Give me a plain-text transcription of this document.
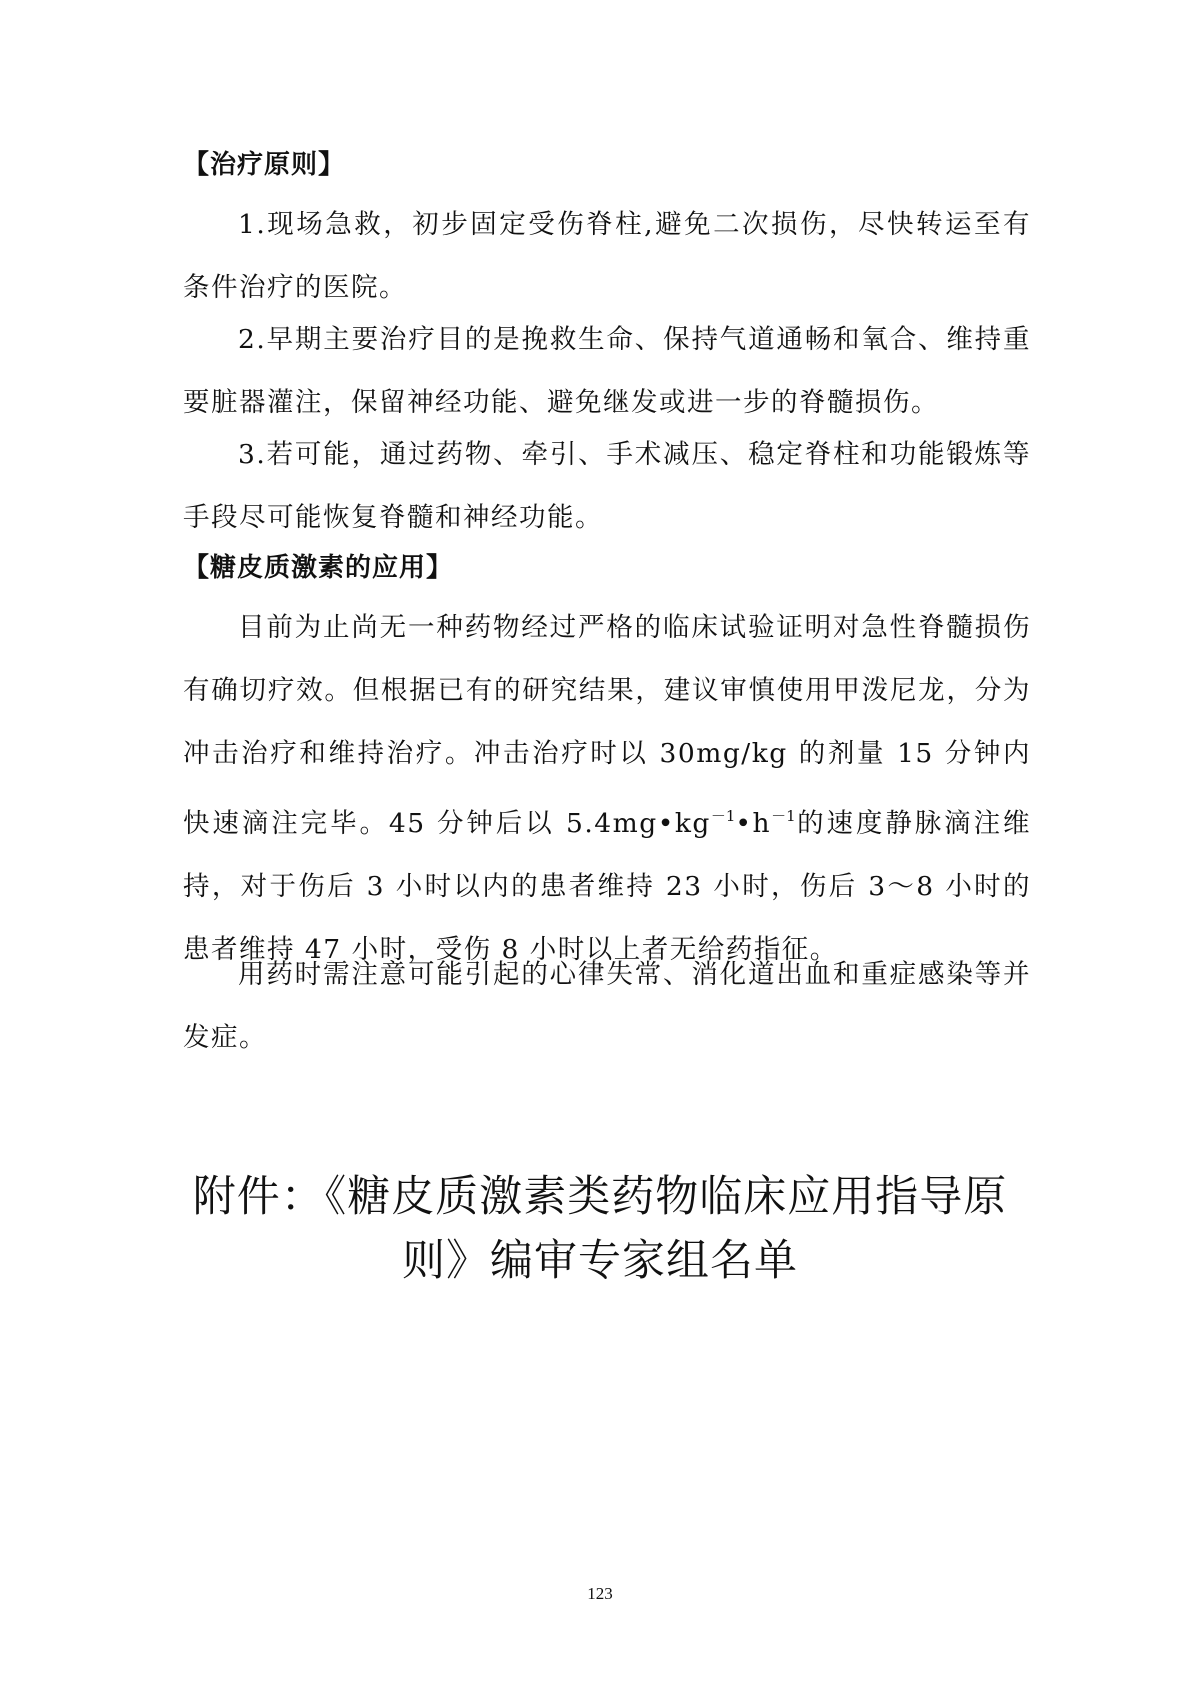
【治疗原则】

1.现场急救，初步固定受伤脊柱,避免二次损伤，尽快转运至有条件治疗的医院。

2.早期主要治疗目的是挽救生命、保持气道通畅和氧合、维持重要脏器灌注，保留神经功能、避免继发或进一步的脊髓损伤。

3.若可能，通过药物、牵引、手术减压、稳定脊柱和功能锻炼等手段尽可能恢复脊髓和神经功能。

【糖皮质激素的应用】

目前为止尚无一种药物经过严格的临床试验证明对急性脊髓损伤有确切疗效。但根据已有的研究结果，建议审慎使用甲泼尼龙，分为冲击治疗和维持治疗。冲击治疗时以 30mg/kg 的剂量 15 分钟内快速滴注完毕。45 分钟后以 $5.4mg•kg^{-1}•h^{-1}$的速度静脉滴注维持，对于伤后 3 小时以内的患者维持 23 小时，伤后 3～8 小时的患者维持 47 小时，受伤 8 小时以上者无给药指征。

用药时需注意可能引起的心律失常、消化道出血和重症感染等并发症。

附件：《糖皮质激素类药物临床应用指导原
则》编审专家组名单
123
